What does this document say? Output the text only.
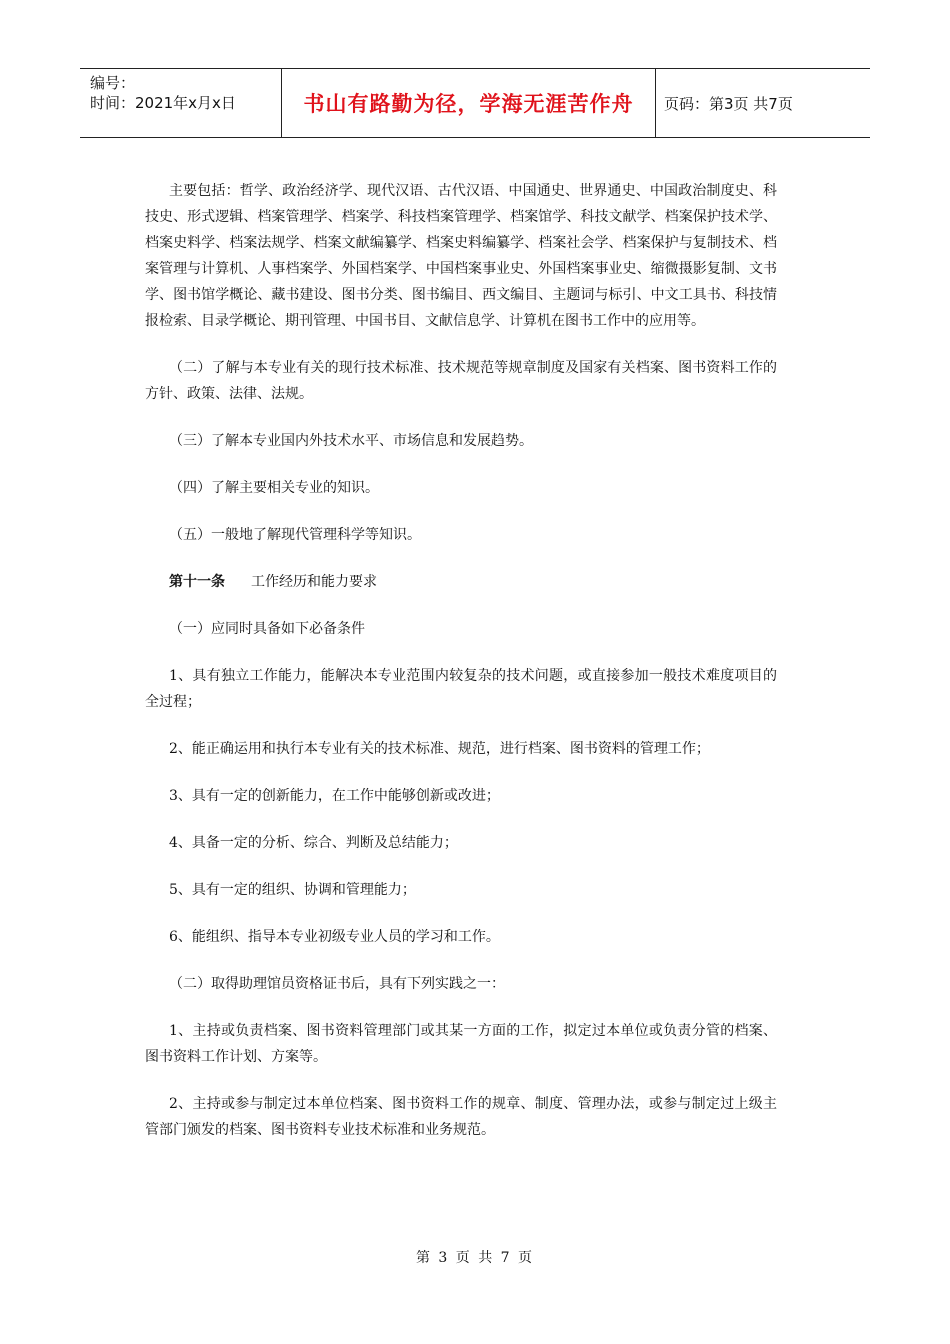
编号：
时间：2021年x月x日	书山有路勤为径，学海无涯苦作舟 页码：第3页 共7页

主要包括：哲学、政治经济学、现代汉语、古代汉语、中国通史、世界通史、中国政治制度史、科技史、形式逻辑、档案管理学、档案学、科技档案管理学、档案馆学、科技文献学、档案保护技术学、档案史料学、档案法规学、档案文献编纂学、档案史料编纂学、档案社会学、档案保护与复制技术、档案管理与计算机、人事档案学、外国档案学、中国档案事业史、外国档案事业史、缩微摄影复制、文书学、图书馆学概论、藏书建设、图书分类、图书编目、西文编目、主题词与标引、中文工具书、科技情报检索、目录学概论、期刊管理、中国书目、文献信息学、计算机在图书工作中的应用等。

（二）了解与本专业有关的现行技术标准、技术规范等规章制度及国家有关档案、图书资料工作的方针、政策、法律、法规。

（三）了解本专业国内外技术水平、市场信息和发展趋势。

（四）了解主要相关专业的知识。

（五）一般地了解现代管理科学等知识。

第十一条 工作经历和能力要求

（一）应同时具备如下必备条件

1、具有独立工作能力，能解决本专业范围内较复杂的技术问题，或直接参加一般技术难度项目的全过程；

2、能正确运用和执行本专业有关的技术标准、规范，进行档案、图书资料的管理工作；

3、具有一定的创新能力，在工作中能够创新或改进；

4、具备一定的分析、综合、判断及总结能力；

5、具有一定的组织、协调和管理能力；

6、能组织、指导本专业初级专业人员的学习和工作。

（二）取得助理馆员资格证书后，具有下列实践之一：

1、主持或负责档案、图书资料管理部门或其某一方面的工作，拟定过本单位或负责分管的档案、图书资料工作计划、方案等。

2、主持或参与制定过本单位档案、图书资料工作的规章、制度、管理办法，或参与制定过上级主管部门颁发的档案、图书资料专业技术标准和业务规范。

第 3 页 共 7 页
